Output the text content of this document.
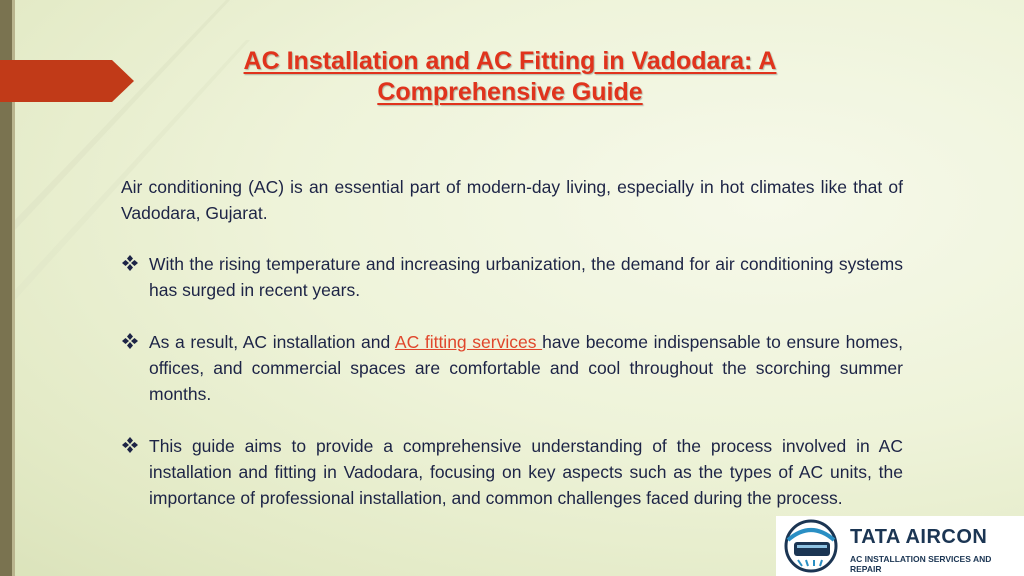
AC Installation and AC Fitting in Vadodara: A Comprehensive Guide
Air conditioning (AC) is an essential part of modern-day living, especially in hot climates like that of Vadodara, Gujarat.
With the rising temperature and increasing urbanization, the demand for air conditioning systems has surged in recent years.
As a result, AC installation and AC fitting services have become indispensable to ensure homes, offices, and commercial spaces are comfortable and cool throughout the scorching summer months.
This guide aims to provide a comprehensive understanding of the process involved in AC installation and fitting in Vadodara, focusing on key aspects such as the types of AC units, the importance of professional installation, and common challenges faced during the process.
TATA AIRCON
AC INSTALLATION SERVICES AND REPAIR
